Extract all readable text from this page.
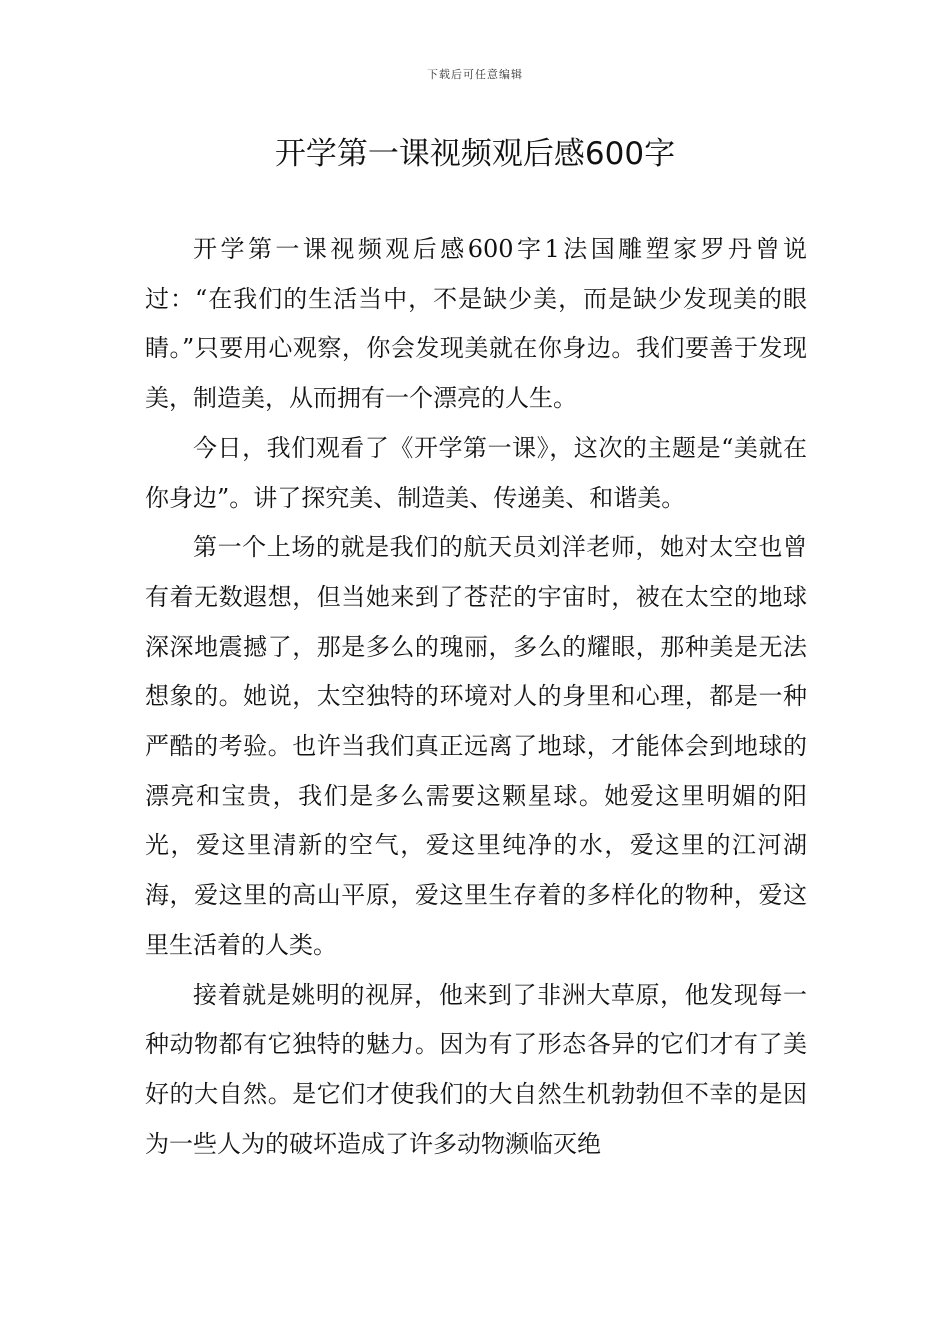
下载后可任意编辑
开学第一课视频观后感600字

开学第一课视频观后感600字1法国雕塑家罗丹曾说过：“在我们的生活当中，不是缺少美，而是缺少发现美的眼睛。”只要用心观察，你会发现美就在你身边。我们要善于发现美，制造美，从而拥有一个漂亮的人生。

今日，我们观看了《开学第一课》，这次的主题是“美就在你身边”。讲了探究美、制造美、传递美、和谐美。

第一个上场的就是我们的航天员刘洋老师，她对太空也曾有着无数遐想，但当她来到了苍茫的宇宙时，被在太空的地球深深地震撼了，那是多么的瑰丽，多么的耀眼，那种美是无法想象的。她说，太空独特的环境对人的身里和心理，都是一种严酷的考验。也许当我们真正远离了地球，才能体会到地球的漂亮和宝贵，我们是多么需要这颗星球。她爱这里明媚的阳光，爱这里清新的空气，爱这里纯净的水，爱这里的江河湖海，爱这里的高山平原，爱这里生存着的多样化的物种，爱这里生活着的人类。

接着就是姚明的视屏，他来到了非洲大草原，他发现每一种动物都有它独特的魅力。因为有了形态各异的它们才有了美好的大自然。是它们才使我们的大自然生机勃勃但不幸的是因为一些人为的破坏造成了许多动物濒临灭绝
